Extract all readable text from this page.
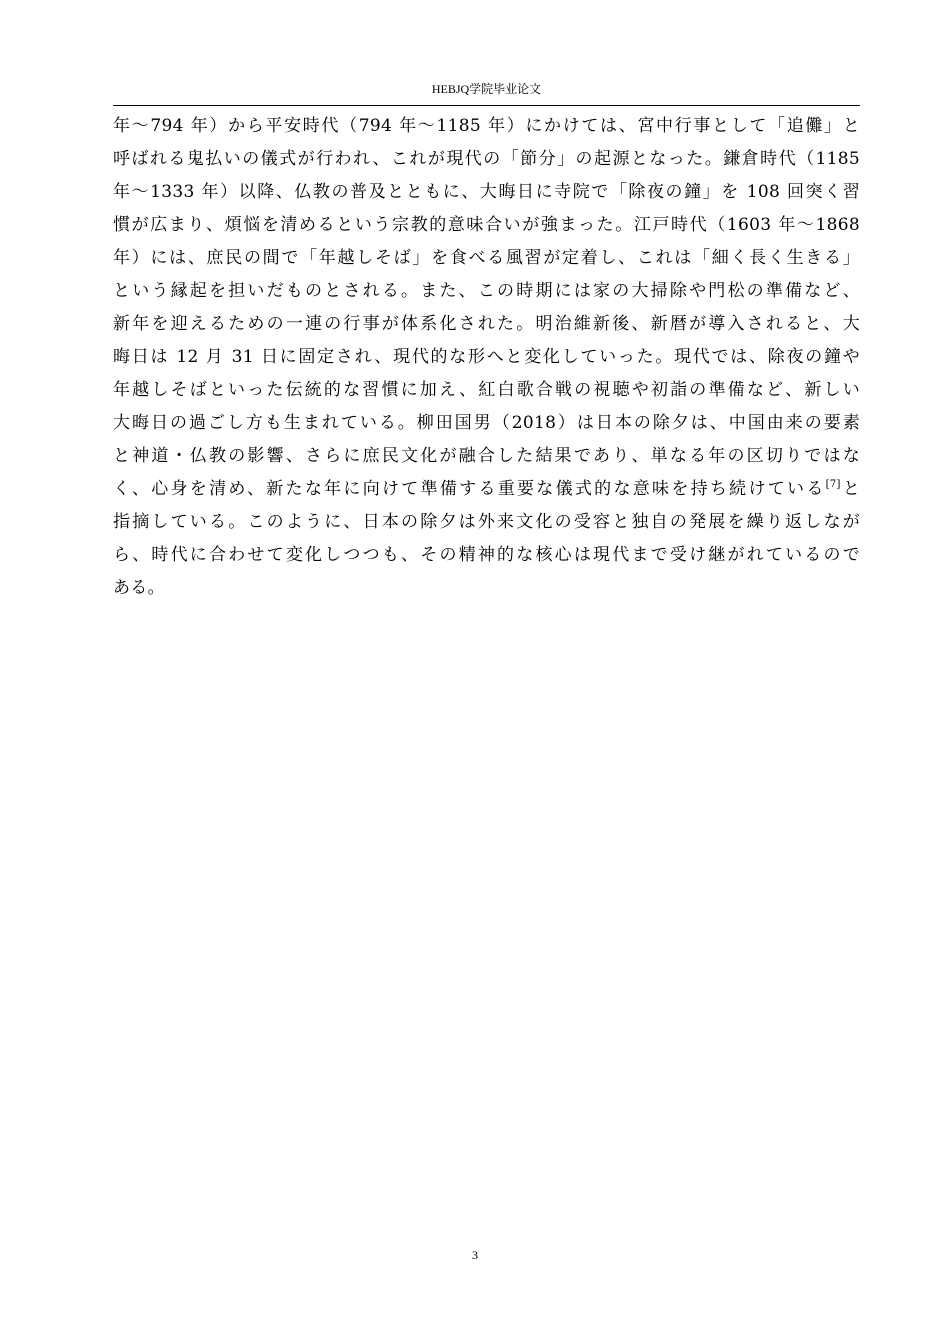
HEBJQ学院毕业论文
年～794 年）から平安時代（794 年～1185 年）にかけては、宮中行事として「追儺」と
呼ばれる鬼払いの儀式が行われ、これが現代の「節分」の起源となった。鎌倉時代（1185
年～1333 年）以降、仏教の普及とともに、大晦日に寺院で「除夜の鐘」を 108 回突く習
慣が広まり、煩悩を清めるという宗教的意味合いが強まった。江戸時代（1603 年～1868
年）には、庶民の間で「年越しそば」を食べる風習が定着し、これは「細く長く生きる」
という縁起を担いだものとされる。また、この時期には家の大掃除や門松の準備など、
新年を迎えるための一連の行事が体系化された。明治維新後、新暦が導入されると、大
晦日は 12 月 31 日に固定され、現代的な形へと変化していった。現代では、除夜の鐘や
年越しそばといった伝統的な習慣に加え、紅白歌合戦の視聴や初詣の準備など、新しい
大晦日の過ごし方も生まれている。柳田国男（2018）は日本の除夕は、中国由来の要素
と神道・仏教の影響、さらに庶民文化が融合した結果であり、単なる年の区切りではな
く、心身を清め、新たな年に向けて準備する重要な儀式的な意味を持ち続けている[7]と
指摘している。このように、日本の除夕は外来文化の受容と独自の発展を繰り返しなが
ら、時代に合わせて変化しつつも、その精神的な核心は現代まで受け継がれているので
ある。
3
